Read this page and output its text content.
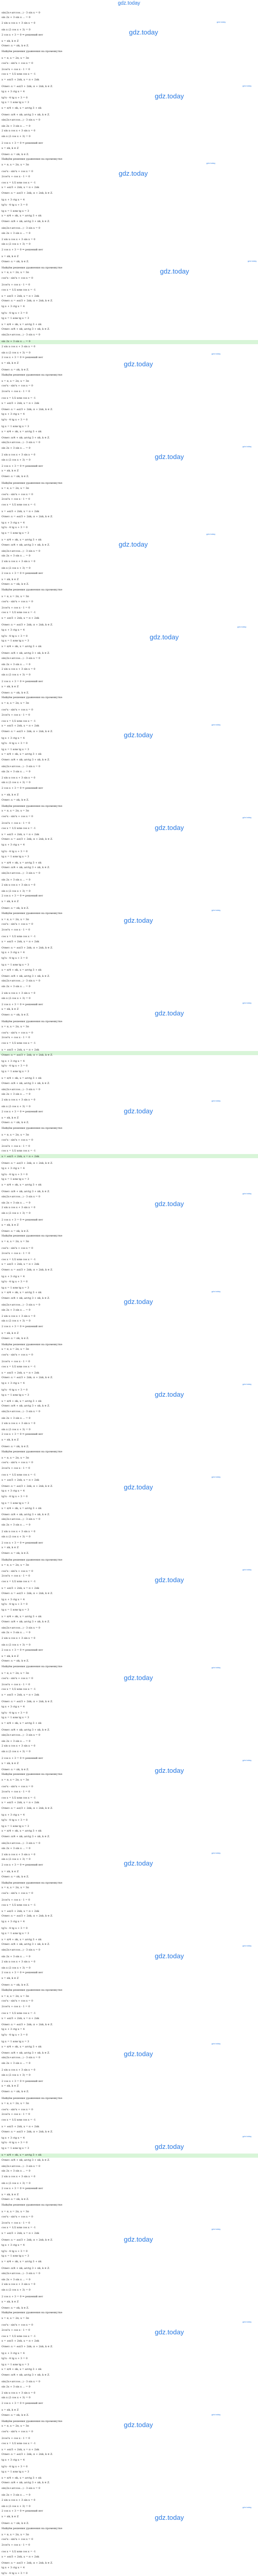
gdz.today
sin(2x+arccos...) - 3 sin x = 0
sin 2x + 3 sin x ... = 0
2 sin x cos x + 3 sin x = 0
sin x (2 cos x + 3) = 0
2 cos x + 3 = 0 ⇒ решений нет
x = πk, k ∈ Z
Ответ: x = πk, k ∈ Z.
Найдём решения уравнения на промежутке
x = π, x = 2π, x = 3π
cos²x - sin²x + cos x = 0
2cos²x + cos x - 1 = 0
cos x = 1/2 или cos x = -1
x = ±π/3 + 2πk, x = π + 2πk
Ответ: x = ±π/3 + 2πk; π + 2πk, k ∈ Z.
tg x + 3 ctg x = 4
tg²x - 4 tg x + 3 = 0
tg x = 1 или tg x = 3
x = π/4 + πk, x = arctg 3 + πk
Ответ: π/4 + πk; arctg 3 + πk, k ∈ Z.
sin(2x+arccos...) - 3 sin x = 0
sin 2x + 3 sin x ... = 0
2 sin x cos x + 3 sin x = 0
sin x (2 cos x + 3) = 0
2 cos x + 3 = 0 ⇒ решений нет
x = πk, k ∈ Z
Ответ: x = πk, k ∈ Z.
Найдём решения уравнения на промежутке
x = π, x = 2π, x = 3π
cos²x - sin²x + cos x = 0
2cos²x + cos x - 1 = 0
cos x = 1/2 или cos x = -1
x = ±π/3 + 2πk, x = π + 2πk
Ответ: x = ±π/3 + 2πk; π + 2πk, k ∈ Z.
tg x + 3 ctg x = 4
tg²x - 4 tg x + 3 = 0
tg x = 1 или tg x = 3
x = π/4 + πk, x = arctg 3 + πk
Ответ: π/4 + πk; arctg 3 + πk, k ∈ Z.
sin(2x+arccos...) - 3 sin x = 0
sin 2x + 3 sin x ... = 0
2 sin x cos x + 3 sin x = 0
sin x (2 cos x + 3) = 0
2 cos x + 3 = 0 ⇒ решений нет
x = πk, k ∈ Z
Ответ: x = πk, k ∈ Z.
Найдём решения уравнения на промежутке
x = π, x = 2π, x = 3π
cos²x - sin²x + cos x = 0
2cos²x + cos x - 1 = 0
cos x = 1/2 или cos x = -1
x = ±π/3 + 2πk, x = π + 2πk
Ответ: x = ±π/3 + 2πk; π + 2πk, k ∈ Z.
tg x + 3 ctg x = 4
tg²x - 4 tg x + 3 = 0
tg x = 1 или tg x = 3
x = π/4 + πk, x = arctg 3 + πk
Ответ: π/4 + πk; arctg 3 + πk, k ∈ Z.
sin(2x+arccos...) - 3 sin x = 0
sin 2x + 3 sin x ... = 0
2 sin x cos x + 3 sin x = 0
sin x (2 cos x + 3) = 0
2 cos x + 3 = 0 ⇒ решений нет
x = πk, k ∈ Z
Ответ: x = πk, k ∈ Z.
Найдём решения уравнения на промежутке
x = π, x = 2π, x = 3π
cos²x - sin²x + cos x = 0
2cos²x + cos x - 1 = 0
cos x = 1/2 или cos x = -1
x = ±π/3 + 2πk, x = π + 2πk
Ответ: x = ±π/3 + 2πk; π + 2πk, k ∈ Z.
tg x + 3 ctg x = 4
tg²x - 4 tg x + 3 = 0
tg x = 1 или tg x = 3
x = π/4 + πk, x = arctg 3 + πk
Ответ: π/4 + πk; arctg 3 + πk, k ∈ Z.
sin(2x+arccos...) - 3 sin x = 0
sin 2x + 3 sin x ... = 0
2 sin x cos x + 3 sin x = 0
sin x (2 cos x + 3) = 0
2 cos x + 3 = 0 ⇒ решений нет
x = πk, k ∈ Z
Ответ: x = πk, k ∈ Z.
Найдём решения уравнения на промежутке
x = π, x = 2π, x = 3π
cos²x - sin²x + cos x = 0
2cos²x + cos x - 1 = 0
cos x = 1/2 или cos x = -1
x = ±π/3 + 2πk, x = π + 2πk
Ответ: x = ±π/3 + 2πk; π + 2πk, k ∈ Z.
tg x + 3 ctg x = 4
tg²x - 4 tg x + 3 = 0
tg x = 1 или tg x = 3
x = π/4 + πk, x = arctg 3 + πk
Ответ: π/4 + πk; arctg 3 + πk, k ∈ Z.
sin(2x+arccos...) - 3 sin x = 0
sin 2x + 3 sin x ... = 0
2 sin x cos x + 3 sin x = 0
sin x (2 cos x + 3) = 0
2 cos x + 3 = 0 ⇒ решений нет
x = πk, k ∈ Z
Ответ: x = πk, k ∈ Z.
Найдём решения уравнения на промежутке
x = π, x = 2π, x = 3π
cos²x - sin²x + cos x = 0
2cos²x + cos x - 1 = 0
cos x = 1/2 или cos x = -1
x = ±π/3 + 2πk, x = π + 2πk
Ответ: x = ±π/3 + 2πk; π + 2πk, k ∈ Z.
tg x + 3 ctg x = 4
tg²x - 4 tg x + 3 = 0
tg x = 1 или tg x = 3
x = π/4 + πk, x = arctg 3 + πk
Ответ: π/4 + πk; arctg 3 + πk, k ∈ Z.
sin(2x+arccos...) - 3 sin x = 0
sin 2x + 3 sin x ... = 0
2 sin x cos x + 3 sin x = 0
sin x (2 cos x + 3) = 0
2 cos x + 3 = 0 ⇒ решений нет
x = πk, k ∈ Z
Ответ: x = πk, k ∈ Z.
Найдём решения уравнения на промежутке
x = π, x = 2π, x = 3π
cos²x - sin²x + cos x = 0
2cos²x + cos x - 1 = 0
cos x = 1/2 или cos x = -1
x = ±π/3 + 2πk, x = π + 2πk
Ответ: x = ±π/3 + 2πk; π + 2πk, k ∈ Z.
tg x + 3 ctg x = 4
tg²x - 4 tg x + 3 = 0
tg x = 1 или tg x = 3
x = π/4 + πk, x = arctg 3 + πk
Ответ: π/4 + πk; arctg 3 + πk, k ∈ Z.
sin(2x+arccos...) - 3 sin x = 0
sin 2x + 3 sin x ... = 0
2 sin x cos x + 3 sin x = 0
sin x (2 cos x + 3) = 0
2 cos x + 3 = 0 ⇒ решений нет
x = πk, k ∈ Z
Ответ: x = πk, k ∈ Z.
Найдём решения уравнения на промежутке
x = π, x = 2π, x = 3π
cos²x - sin²x + cos x = 0
2cos²x + cos x - 1 = 0
cos x = 1/2 или cos x = -1
x = ±π/3 + 2πk, x = π + 2πk
Ответ: x = ±π/3 + 2πk; π + 2πk, k ∈ Z.
tg x + 3 ctg x = 4
tg²x - 4 tg x + 3 = 0
tg x = 1 или tg x = 3
x = π/4 + πk, x = arctg 3 + πk
Ответ: π/4 + πk; arctg 3 + πk, k ∈ Z.
sin(2x+arccos...) - 3 sin x = 0
sin 2x + 3 sin x ... = 0
2 sin x cos x + 3 sin x = 0
sin x (2 cos x + 3) = 0
2 cos x + 3 = 0 ⇒ решений нет
x = πk, k ∈ Z
Ответ: x = πk, k ∈ Z.
Найдём решения уравнения на промежутке
x = π, x = 2π, x = 3π
cos²x - sin²x + cos x = 0
2cos²x + cos x - 1 = 0
cos x = 1/2 или cos x = -1
x = ±π/3 + 2πk, x = π + 2πk
Ответ: x = ±π/3 + 2πk; π + 2πk, k ∈ Z.
tg x + 3 ctg x = 4
tg²x - 4 tg x + 3 = 0
tg x = 1 или tg x = 3
x = π/4 + πk, x = arctg 3 + πk
Ответ: π/4 + πk; arctg 3 + πk, k ∈ Z.
sin(2x+arccos...) - 3 sin x = 0
sin 2x + 3 sin x ... = 0
2 sin x cos x + 3 sin x = 0
sin x (2 cos x + 3) = 0
2 cos x + 3 = 0 ⇒ решений нет
x = πk, k ∈ Z
Ответ: x = πk, k ∈ Z.
Найдём решения уравнения на промежутке
x = π, x = 2π, x = 3π
cos²x - sin²x + cos x = 0
2cos²x + cos x - 1 = 0
cos x = 1/2 или cos x = -1
x = ±π/3 + 2πk, x = π + 2πk
Ответ: x = ±π/3 + 2πk; π + 2πk, k ∈ Z.
tg x + 3 ctg x = 4
tg²x - 4 tg x + 3 = 0
tg x = 1 или tg x = 3
x = π/4 + πk, x = arctg 3 + πk
Ответ: π/4 + πk; arctg 3 + πk, k ∈ Z.
sin(2x+arccos...) - 3 sin x = 0
sin 2x + 3 sin x ... = 0
2 sin x cos x + 3 sin x = 0
sin x (2 cos x + 3) = 0
2 cos x + 3 = 0 ⇒ решений нет
x = πk, k ∈ Z
Ответ: x = πk, k ∈ Z.
Найдём решения уравнения на промежутке
x = π, x = 2π, x = 3π
cos²x - sin²x + cos x = 0
2cos²x + cos x - 1 = 0
cos x = 1/2 или cos x = -1
x = ±π/3 + 2πk, x = π + 2πk
Ответ: x = ±π/3 + 2πk; π + 2πk, k ∈ Z.
tg x + 3 ctg x = 4
tg²x - 4 tg x + 3 = 0
tg x = 1 или tg x = 3
x = π/4 + πk, x = arctg 3 + πk
Ответ: π/4 + πk; arctg 3 + πk, k ∈ Z.
sin(2x+arccos...) - 3 sin x = 0
sin 2x + 3 sin x ... = 0
2 sin x cos x + 3 sin x = 0
sin x (2 cos x + 3) = 0
2 cos x + 3 = 0 ⇒ решений нет
x = πk, k ∈ Z
Ответ: x = πk, k ∈ Z.
Найдём решения уравнения на промежутке
x = π, x = 2π, x = 3π
cos²x - sin²x + cos x = 0
2cos²x + cos x - 1 = 0
cos x = 1/2 или cos x = -1
x = ±π/3 + 2πk, x = π + 2πk
Ответ: x = ±π/3 + 2πk; π + 2πk, k ∈ Z.
tg x + 3 ctg x = 4
tg²x - 4 tg x + 3 = 0
tg x = 1 или tg x = 3
x = π/4 + πk, x = arctg 3 + πk
Ответ: π/4 + πk; arctg 3 + πk, k ∈ Z.
sin(2x+arccos...) - 3 sin x = 0
sin 2x + 3 sin x ... = 0
2 sin x cos x + 3 sin x = 0
sin x (2 cos x + 3) = 0
2 cos x + 3 = 0 ⇒ решений нет
x = πk, k ∈ Z
Ответ: x = πk, k ∈ Z.
Найдём решения уравнения на промежутке
x = π, x = 2π, x = 3π
cos²x - sin²x + cos x = 0
2cos²x + cos x - 1 = 0
cos x = 1/2 или cos x = -1
x = ±π/3 + 2πk, x = π + 2πk
Ответ: x = ±π/3 + 2πk; π + 2πk, k ∈ Z.
tg x + 3 ctg x = 4
tg²x - 4 tg x + 3 = 0
tg x = 1 или tg x = 3
x = π/4 + πk, x = arctg 3 + πk
Ответ: π/4 + πk; arctg 3 + πk, k ∈ Z.
sin(2x+arccos...) - 3 sin x = 0
sin 2x + 3 sin x ... = 0
2 sin x cos x + 3 sin x = 0
sin x (2 cos x + 3) = 0
2 cos x + 3 = 0 ⇒ решений нет
x = πk, k ∈ Z
Ответ: x = πk, k ∈ Z.
Найдём решения уравнения на промежутке
x = π, x = 2π, x = 3π
cos²x - sin²x + cos x = 0
2cos²x + cos x - 1 = 0
cos x = 1/2 или cos x = -1
x = ±π/3 + 2πk, x = π + 2πk
Ответ: x = ±π/3 + 2πk; π + 2πk, k ∈ Z.
tg x + 3 ctg x = 4
tg²x - 4 tg x + 3 = 0
tg x = 1 или tg x = 3
x = π/4 + πk, x = arctg 3 + πk
Ответ: π/4 + πk; arctg 3 + πk, k ∈ Z.
sin(2x+arccos...) - 3 sin x = 0
sin 2x + 3 sin x ... = 0
2 sin x cos x + 3 sin x = 0
sin x (2 cos x + 3) = 0
2 cos x + 3 = 0 ⇒ решений нет
x = πk, k ∈ Z
Ответ: x = πk, k ∈ Z.
Найдём решения уравнения на промежутке
x = π, x = 2π, x = 3π
cos²x - sin²x + cos x = 0
2cos²x + cos x - 1 = 0
cos x = 1/2 или cos x = -1
x = ±π/3 + 2πk, x = π + 2πk
Ответ: x = ±π/3 + 2πk; π + 2πk, k ∈ Z.
tg x + 3 ctg x = 4
tg²x - 4 tg x + 3 = 0
tg x = 1 или tg x = 3
x = π/4 + πk, x = arctg 3 + πk
Ответ: π/4 + πk; arctg 3 + πk, k ∈ Z.
sin(2x+arccos...) - 3 sin x = 0
sin 2x + 3 sin x ... = 0
2 sin x cos x + 3 sin x = 0
sin x (2 cos x + 3) = 0
2 cos x + 3 = 0 ⇒ решений нет
x = πk, k ∈ Z
Ответ: x = πk, k ∈ Z.
Найдём решения уравнения на промежутке
x = π, x = 2π, x = 3π
cos²x - sin²x + cos x = 0
2cos²x + cos x - 1 = 0
cos x = 1/2 или cos x = -1
x = ±π/3 + 2πk, x = π + 2πk
Ответ: x = ±π/3 + 2πk; π + 2πk, k ∈ Z.
tg x + 3 ctg x = 4
tg²x - 4 tg x + 3 = 0
tg x = 1 или tg x = 3
x = π/4 + πk, x = arctg 3 + πk
Ответ: π/4 + πk; arctg 3 + πk, k ∈ Z.
sin(2x+arccos...) - 3 sin x = 0
sin 2x + 3 sin x ... = 0
2 sin x cos x + 3 sin x = 0
sin x (2 cos x + 3) = 0
2 cos x + 3 = 0 ⇒ решений нет
x = πk, k ∈ Z
Ответ: x = πk, k ∈ Z.
Найдём решения уравнения на промежутке
x = π, x = 2π, x = 3π
cos²x - sin²x + cos x = 0
2cos²x + cos x - 1 = 0
cos x = 1/2 или cos x = -1
x = ±π/3 + 2πk, x = π + 2πk
Ответ: x = ±π/3 + 2πk; π + 2πk, k ∈ Z.
tg x + 3 ctg x = 4
tg²x - 4 tg x + 3 = 0
tg x = 1 или tg x = 3
x = π/4 + πk, x = arctg 3 + πk
Ответ: π/4 + πk; arctg 3 + πk, k ∈ Z.
sin(2x+arccos...) - 3 sin x = 0
sin 2x + 3 sin x ... = 0
2 sin x cos x + 3 sin x = 0
sin x (2 cos x + 3) = 0
2 cos x + 3 = 0 ⇒ решений нет
x = πk, k ∈ Z
Ответ: x = πk, k ∈ Z.
Найдём решения уравнения на промежутке
x = π, x = 2π, x = 3π
cos²x - sin²x + cos x = 0
2cos²x + cos x - 1 = 0
cos x = 1/2 или cos x = -1
x = ±π/3 + 2πk, x = π + 2πk
Ответ: x = ±π/3 + 2πk; π + 2πk, k ∈ Z.
tg x + 3 ctg x = 4
tg²x - 4 tg x + 3 = 0
tg x = 1 или tg x = 3
x = π/4 + πk, x = arctg 3 + πk
Ответ: π/4 + πk; arctg 3 + πk, k ∈ Z.
sin(2x+arccos...) - 3 sin x = 0
sin 2x + 3 sin x ... = 0
2 sin x cos x + 3 sin x = 0
sin x (2 cos x + 3) = 0
2 cos x + 3 = 0 ⇒ решений нет
x = πk, k ∈ Z
Ответ: x = πk, k ∈ Z.
Найдём решения уравнения на промежутке
x = π, x = 2π, x = 3π
cos²x - sin²x + cos x = 0
2cos²x + cos x - 1 = 0
cos x = 1/2 или cos x = -1
x = ±π/3 + 2πk, x = π + 2πk
Ответ: x = ±π/3 + 2πk; π + 2πk, k ∈ Z.
tg x + 3 ctg x = 4
tg²x - 4 tg x + 3 = 0
tg x = 1 или tg x = 3
x = π/4 + πk, x = arctg 3 + πk
Ответ: π/4 + πk; arctg 3 + πk, k ∈ Z.
sin(2x+arccos...) - 3 sin x = 0
sin 2x + 3 sin x ... = 0
2 sin x cos x + 3 sin x = 0
sin x (2 cos x + 3) = 0
2 cos x + 3 = 0 ⇒ решений нет
x = πk, k ∈ Z
Ответ: x = πk, k ∈ Z.
Найдём решения уравнения на промежутке
x = π, x = 2π, x = 3π
cos²x - sin²x + cos x = 0
2cos²x + cos x - 1 = 0
cos x = 1/2 или cos x = -1
x = ±π/3 + 2πk, x = π + 2πk
Ответ: x = ±π/3 + 2πk; π + 2πk, k ∈ Z.
tg x + 3 ctg x = 4
tg²x - 4 tg x + 3 = 0
tg x = 1 или tg x = 3
x = π/4 + πk, x = arctg 3 + πk
Ответ: π/4 + πk; arctg 3 + πk, k ∈ Z.
sin(2x+arccos...) - 3 sin x = 0
sin 2x + 3 sin x ... = 0
2 sin x cos x + 3 sin x = 0
sin x (2 cos x + 3) = 0
2 cos x + 3 = 0 ⇒ решений нет
x = πk, k ∈ Z
Ответ: x = πk, k ∈ Z.
Найдём решения уравнения на промежутке
x = π, x = 2π, x = 3π
cos²x - sin²x + cos x = 0
2cos²x + cos x - 1 = 0
cos x = 1/2 или cos x = -1
x = ±π/3 + 2πk, x = π + 2πk
Ответ: x = ±π/3 + 2πk; π + 2πk, k ∈ Z.
tg x + 3 ctg x = 4
tg²x - 4 tg x + 3 = 0
tg x = 1 или tg x = 3
x = π/4 + πk, x = arctg 3 + πk
Ответ: π/4 + πk; arctg 3 + πk, k ∈ Z.
sin(2x+arccos...) - 3 sin x = 0
sin 2x + 3 sin x ... = 0
2 sin x cos x + 3 sin x = 0
sin x (2 cos x + 3) = 0
2 cos x + 3 = 0 ⇒ решений нет
x = πk, k ∈ Z
Ответ: x = πk, k ∈ Z.
Найдём решения уравнения на промежутке
x = π, x = 2π, x = 3π
cos²x - sin²x + cos x = 0
2cos²x + cos x - 1 = 0
cos x = 1/2 или cos x = -1
x = ±π/3 + 2πk, x = π + 2πk
Ответ: x = ±π/3 + 2πk; π + 2πk, k ∈ Z.
tg x + 3 ctg x = 4
tg²x - 4 tg x + 3 = 0
tg x = 1 или tg x = 3
x = π/4 + πk, x = arctg 3 + πk
Ответ: π/4 + πk; arctg 3 + πk, k ∈ Z.
sin(2x+arccos...) - 3 sin x = 0
sin 2x + 3 sin x ... = 0
2 sin x cos x + 3 sin x = 0
sin x (2 cos x + 3) = 0
2 cos x + 3 = 0 ⇒ решений нет
x = πk, k ∈ Z
Ответ: x = πk, k ∈ Z.
Найдём решения уравнения на промежутке
x = π, x = 2π, x = 3π
cos²x - sin²x + cos x = 0
2cos²x + cos x - 1 = 0
cos x = 1/2 или cos x = -1
x = ±π/3 + 2πk, x = π + 2πk
Ответ: x = ±π/3 + 2πk; π + 2πk, k ∈ Z.
tg x + 3 ctg x = 4
tg²x - 4 tg x + 3 = 0
tg x = 1 или tg x = 3
x = π/4 + πk, x = arctg 3 + πk
Ответ: π/4 + πk; arctg 3 + πk, k ∈ Z.
sin(2x+arccos...) - 3 sin x = 0
sin 2x + 3 sin x ... = 0
2 sin x cos x + 3 sin x = 0
sin x (2 cos x + 3) = 0
2 cos x + 3 = 0 ⇒ решений нет
x = πk, k ∈ Z
Ответ: x = πk, k ∈ Z.
Найдём решения уравнения на промежутке
x = π, x = 2π, x = 3π
cos²x - sin²x + cos x = 0
2cos²x + cos x - 1 = 0
cos x = 1/2 или cos x = -1
x = ±π/3 + 2πk, x = π + 2πk
Ответ: x = ±π/3 + 2πk; π + 2πk, k ∈ Z.
tg x + 3 ctg x = 4
tg²x - 4 tg x + 3 = 0
gdz.today
gdz.today
gdz.today
gdz.today
gdz.today
gdz.today
gdz.today
gdz.today
gdz.today
gdz.today
gdz.today
gdz.today
gdz.today
gdz.today
gdz.today
gdz.today
gdz.today
gdz.today
gdz.today
gdz.today
gdz.today
gdz.today
gdz.today
gdz.today
gdz.today
gdz.today
gdz.today
gdz.today
gdz.today
gdz.today
gdz.today
gdz.today
gdz.today
gdz.today
gdz.today
gdz.today
gdz.today
gdz.today
gdz.today
gdz.today
gdz.today
gdz.today
gdz.today
gdz.today
gdz.today
gdz.today
gdz.today
gdz.today
gdz.today
gdz.today
gdz.today
gdz.today
gdz.today
gdz.today
gdz.today
gdz.today
